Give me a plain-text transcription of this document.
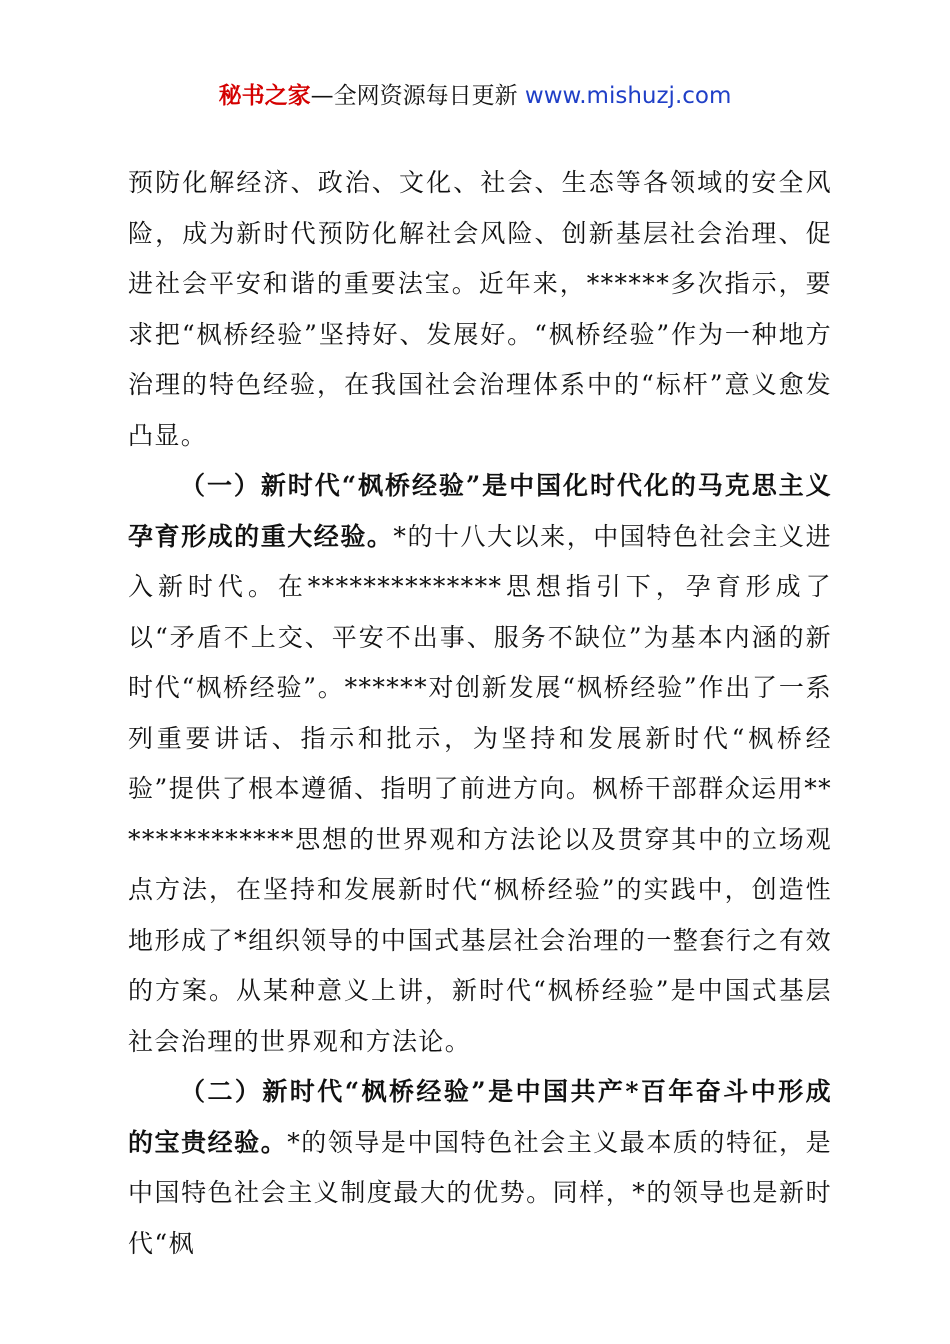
秘书之家—全网资源每日更新 www.mishuzj.com

预防化解经济、政治、文化、社会、生态等各领域的安全风险，成为新时代预防化解社会风险、创新基层社会治理、促进社会平安和谐的重要法宝。近年来，******多次指示，要求把“枫桥经验”坚持好、发展好。“枫桥经验”作为一种地方治理的特色经验，在我国社会治理体系中的“标杆”意义愈发凸显。

（一）新时代“枫桥经验”是中国化时代化的马克思主义孕育形成的重大经验。*的十八大以来，中国特色社会主义进入新时代。在**************思想指引下，孕育形成了以“矛盾不上交、平安不出事、服务不缺位”为基本内涵的新时代“枫桥经验”。******对创新发展“枫桥经验”作出了一系列重要讲话、指示和批示，为坚持和发展新时代“枫桥经验”提供了根本遵循、指明了前进方向。枫桥干部群众运用**************思想的世界观和方法论以及贯穿其中的立场观点方法，在坚持和发展新时代“枫桥经验”的实践中，创造性地形成了*组织领导的中国式基层社会治理的一整套行之有效的方案。从某种意义上讲，新时代“枫桥经验”是中国式基层社会治理的世界观和方法论。

（二）新时代“枫桥经验”是中国共产*百年奋斗中形成的宝贵经验。*的领导是中国特色社会主义最本质的特征，是中国特色社会主义制度最大的优势。同样，*的领导也是新时代“枫
